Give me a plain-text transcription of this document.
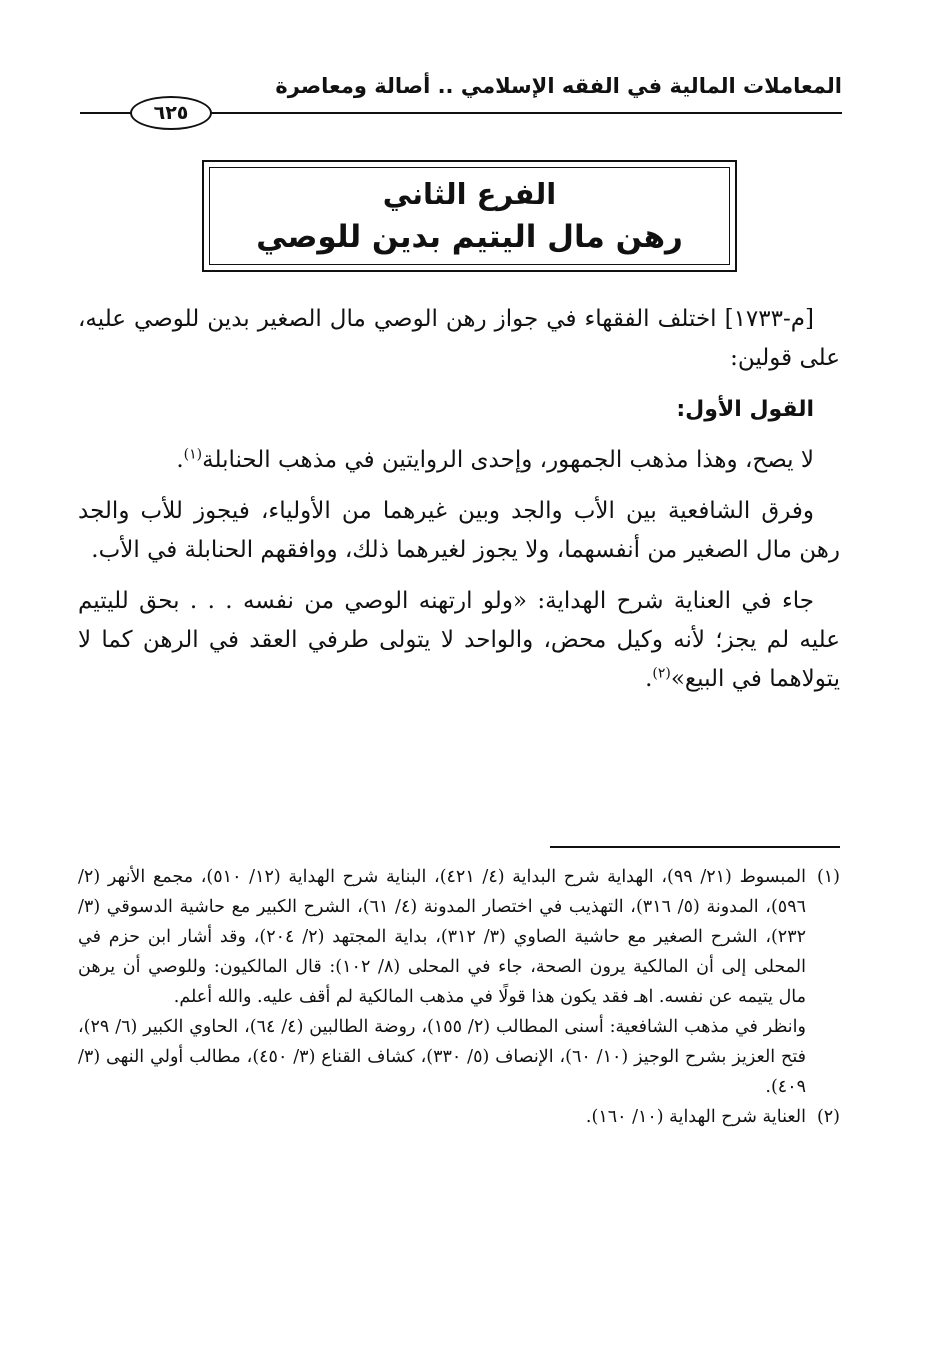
المعاملات المالية في الفقه الإسلامي .. أصالة ومعاصرة
٦٢٥
الفرع الثاني
رهن مال اليتيم بدين للوصي

[م-١٧٣٣] اختلف الفقهاء في جواز رهن الوصي مال الصغير بدين للوصي عليه، على قولين:

القول الأول:

لا يصح، وهذا مذهب الجمهور، وإحدى الروايتين في مذهب الحنابلة$^{(١)}$.

وفرق الشافعية بين الأب والجد وبين غيرهما من الأولياء، فيجوز للأب والجد رهن مال الصغير من أنفسهما، ولا يجوز لغيرهما ذلك، ووافقهم الحنابلة في الأب.

جاء في العناية شرح الهداية: «ولو ارتهنه الوصي من نفسه . . . بحق لليتيم عليه لم يجز؛ لأنه وكيل محض، والواحد لا يتولى طرفي العقد في الرهن كما لا يتولاهما في البيع»$^{(٢)}$.

(١)
المبسوط (٢١/ ٩٩)، الهداية شرح البداية (٤/ ٤٢١)، البناية شرح الهداية (١٢/ ٥١٠)، مجمع الأنهر (٢/ ٥٩٦)، المدونة (٥/ ٣١٦)، التهذيب في اختصار المدونة (٤/ ٦١)، الشرح الكبير مع حاشية الدسوقي (٣/ ٢٣٢)، الشرح الصغير مع حاشية الصاوي (٣/ ٣١٢)، بداية المجتهد (٢/ ٢٠٤)، وقد أشار ابن حزم في المحلى إلى أن المالكية يرون الصحة، جاء في المحلى (٨/ ١٠٢): قال المالكيون: وللوصي أن يرهن مال يتيمه عن نفسه. اهـ فقد يكون هذا قولًا في مذهب المالكية لم أقف عليه. والله أعلم.

وانظر في مذهب الشافعية: أسنى المطالب (٢/ ١٥٥)، روضة الطالبين (٤/ ٦٤)، الحاوي الكبير (٦/ ٢٩)، فتح العزيز بشرح الوجيز (١٠/ ٦٠)، الإنصاف (٥/ ٣٣٠)، كشاف القناع (٣/ ٤٥٠)، مطالب أولي النهى (٣/ ٤٠٩).

(٢)
العناية شرح الهداية (١٠/ ١٦٠).
